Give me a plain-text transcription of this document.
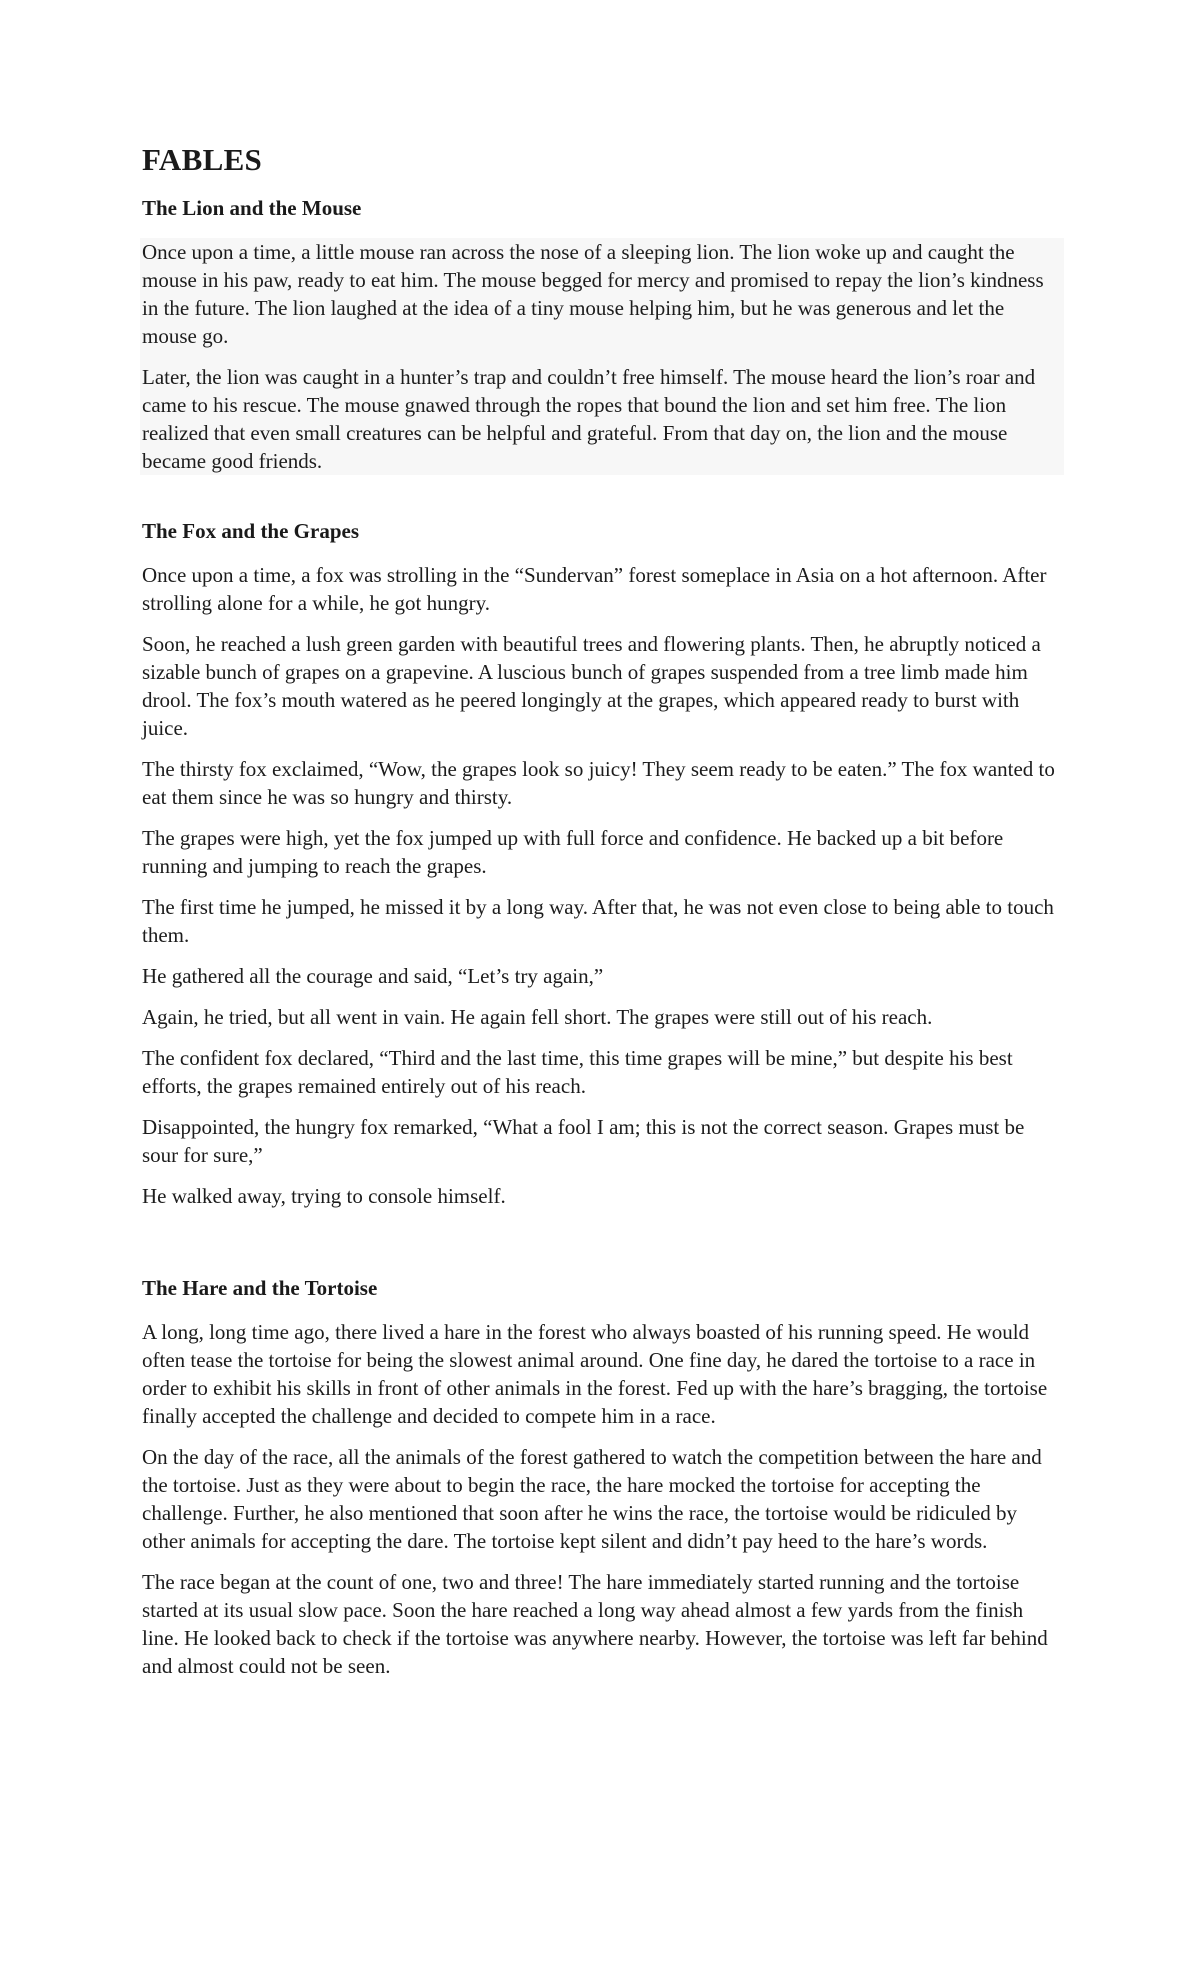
FABLES
The Lion and the Mouse

Once upon a time, a little mouse ran across the nose of a sleeping lion. The lion woke up and caught the mouse in his paw, ready to eat him. The mouse begged for mercy and promised to repay the lion’s kindness in the future. The lion laughed at the idea of a tiny mouse helping him, but he was generous and let the mouse go.

Later, the lion was caught in a hunter’s trap and couldn’t free himself. The mouse heard the lion’s roar and came to his rescue. The mouse gnawed through the ropes that bound the lion and set him free. The lion realized that even small creatures can be helpful and grateful. From that day on, the lion and the mouse became good friends.

The Fox and the Grapes

Once upon a time, a fox was strolling in the “Sundervan” forest someplace in Asia on a hot afternoon. After strolling alone for a while, he got hungry.

Soon, he reached a lush green garden with beautiful trees and flowering plants. Then, he abruptly noticed a sizable bunch of grapes on a grapevine. A luscious bunch of grapes suspended from a tree limb made him drool. The fox’s mouth watered as he peered longingly at the grapes, which appeared ready to burst with juice.

The thirsty fox exclaimed, “Wow, the grapes look so juicy! They seem ready to be eaten.” The fox wanted to eat them since he was so hungry and thirsty.

The grapes were high, yet the fox jumped up with full force and confidence. He backed up a bit before running and jumping to reach the grapes.

The first time he jumped, he missed it by a long way. After that, he was not even close to being able to touch them.

He gathered all the courage and said, “Let’s try again,”

Again, he tried, but all went in vain. He again fell short. The grapes were still out of his reach.

The confident fox declared, “Third and the last time, this time grapes will be mine,” but despite his best efforts, the grapes remained entirely out of his reach.

Disappointed, the hungry fox remarked, “What a fool I am; this is not the correct season. Grapes must be sour for sure,”

He walked away, trying to console himself.

The Hare and the Tortoise

A long, long time ago, there lived a hare in the forest who always boasted of his running speed. He would often tease the tortoise for being the slowest animal around. One fine day, he dared the tortoise to a race in order to exhibit his skills in front of other animals in the forest. Fed up with the hare’s bragging, the tortoise finally accepted the challenge and decided to compete him in a race.

On the day of the race, all the animals of the forest gathered to watch the competition between the hare and the tortoise. Just as they were about to begin the race, the hare mocked the tortoise for accepting the challenge. Further, he also mentioned that soon after he wins the race, the tortoise would be ridiculed by other animals for accepting the dare. The tortoise kept silent and didn’t pay heed to the hare’s words.

The race began at the count of one, two and three! The hare immediately started running and the tortoise started at its usual slow pace. Soon the hare reached a long way ahead almost a few yards from the finish line. He looked back to check if the tortoise was anywhere nearby. However, the tortoise was left far behind and almost could not be seen.
